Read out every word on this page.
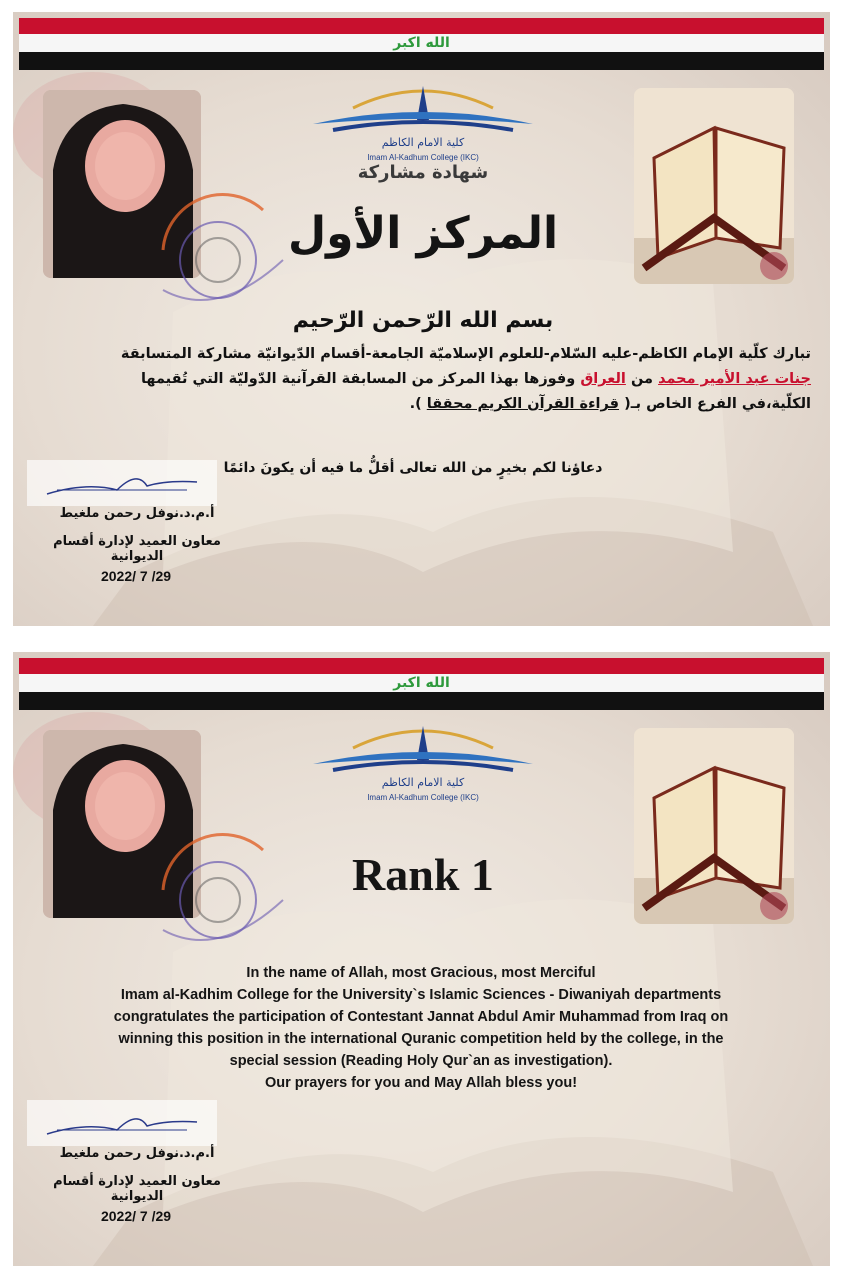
الله اكبر
كلية الامام الكاظم
Imam Al-Kadhum College (IKC)
شهادة مشاركة
المركز الأول
بسم الله الرّحمن الرّحيم
تبارك كلّية الإمام الكاظم-عليه السّلام-للعلوم الإسلاميّة الجامعة-أقسام الدّيوانيّة مشاركة المتسابقة
جنات عبد الأمير محمد من العراق وفوزها بهذا المركز من المسابقة القرآنية الدّوليّة التي تُقيمها
الكلّية،في الفرع الخاص بـ( قراءة القرآن الكريم محققا ).
دعاؤنا لكم بخيرٍ من الله تعالى أقلُّ ما فيه أن يكونَ دائمًا
أ.م.د.نوفل رحمن ملغيط
معاون العميد لإدارة أقسام الديوانية
2022/ 7 /29
الله اكبر
كلية الامام الكاظم
Imam Al-Kadhum College (IKC)
Rank 1
In the name of Allah, most Gracious, most Merciful
Imam al-Kadhim College for the University`s Islamic Sciences - Diwaniyah departments
congratulates the participation of Contestant Jannat Abdul Amir Muhammad from Iraq on
winning this position in the international Quranic competition held by the college, in the
special session (Reading Holy Qur`an as investigation).
Our prayers for you and May Allah bless you!
أ.م.د.نوفل رحمن ملغيط
معاون العميد لإدارة أقسام الديوانية
2022/ 7 /29
